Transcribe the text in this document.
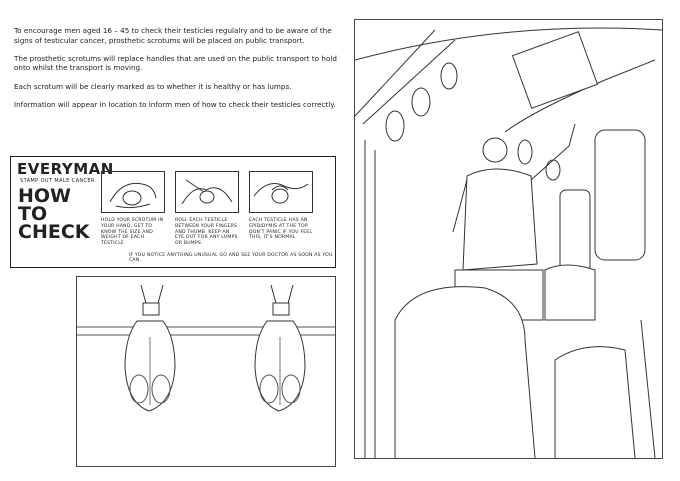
To encourage men aged 16 – 45 to check their testicles regulalry and to be aware of the signs of testicular cancer, prosthetic scrotums will be placed on public transport.

The prosthetic scrotums will replace handles that are used on the public transport to hold onto whilst the transport is moving.

Each scrotum will be clearly marked as to whether it is healthy or has lumps.

Information will appear in location to inform men of how to check their testicles correctly.

EVERYMAN
STAMP OUT MALE CANCER
HOW
TO
CHECK
HOLD YOUR SCROTUM IN YOUR HAND, GET TO KNOW THE SIZE AND WEIGHT OF EACH TESTICLE
ROLL EACH TESTICLE BETWEEN YOUR FINGERS AND THUMB. KEEP AN EYE OUT FOR ANY LUMPS OR BUMPS
EACH TESTICLE HAS AN EPIDIDYMIS AT THE TOP. DON'T PANIC IF YOU FEEL THIS, IT'S NORMAL
IF YOU NOTICE ANYTHING UNUSUAL GO AND SEE YOUR DOCTOR AS SOON AS YOU CAN.
